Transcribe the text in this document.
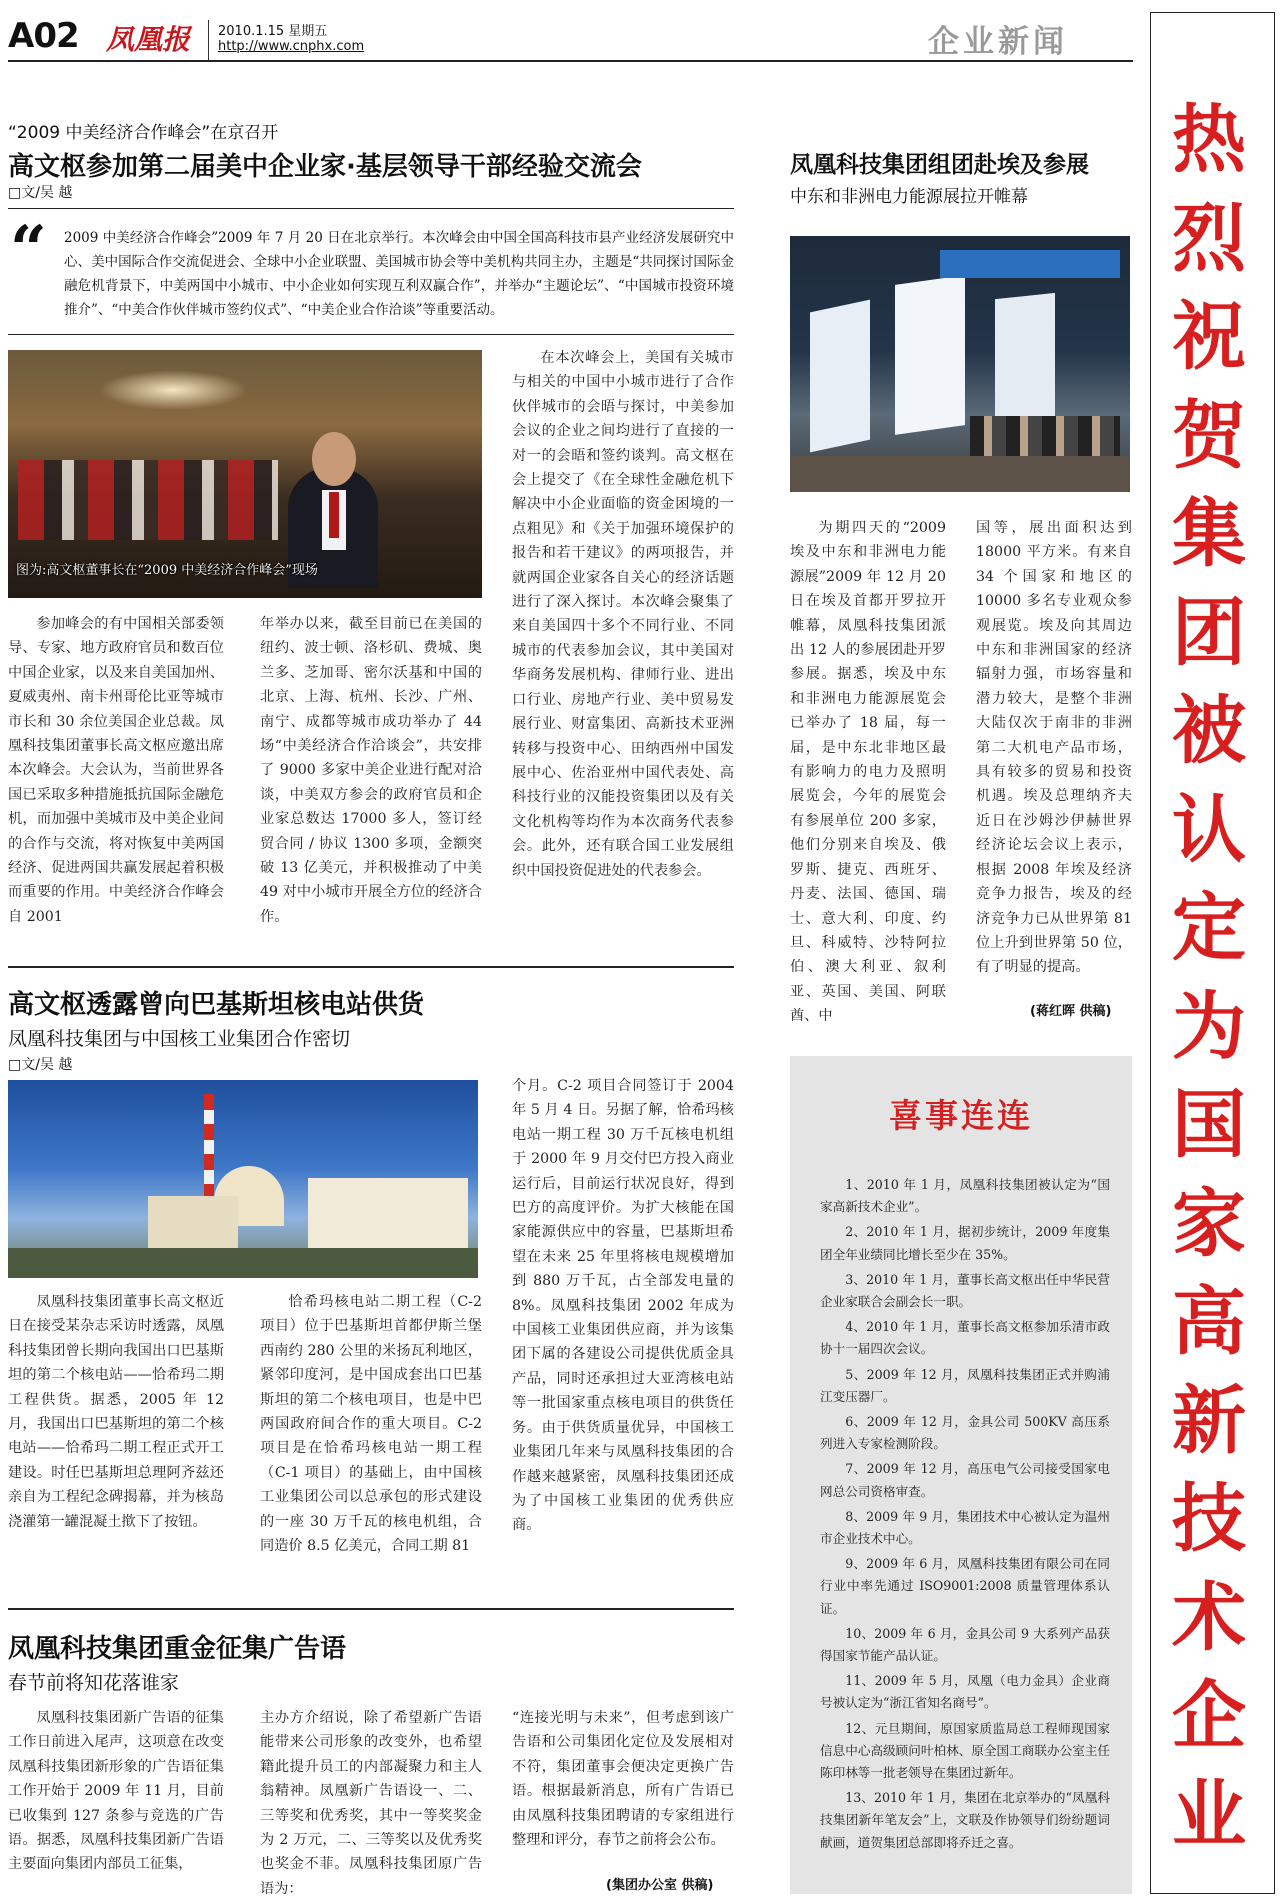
A02 凤凰报 2010.1.15 星期五
http://www.cnphx.com	企业新闻
热烈祝贺集团被认定为国家高新技术企业
“2009 中美经济合作峰会”在京召开
高文枢参加第二届美中企业家·基层领导干部经验交流会
□文/吴 越
“ 2009 中美经济合作峰会”2009 年 7 月 20 日在北京举行。本次峰会由中国全国高科技市县产业经济发展研究中心、美中国际合作交流促进会、全球中小企业联盟、美国城市协会等中美机构共同主办，主题是“共同探讨国际金融危机背景下，中美两国中小城市、中小企业如何实现互利双赢合作”，并举办“主题论坛”、“中国城市投资环境推介”、“中美合作伙伴城市签约仪式”、“中美企业合作洽谈”等重要活动。
图为:高文枢董事长在“2009 中美经济合作峰会”现场

在本次峰会上，美国有关城市与相关的中国中小城市进行了合作伙伴城市的会晤与探讨，中美参加会议的企业之间均进行了直接的一对一的会晤和签约谈判。高文枢在会上提交了《在全球性金融危机下解决中小企业面临的资金困境的一点粗见》和《关于加强环境保护的报告和若干建议》的两项报告，并就两国企业家各自关心的经济话题进行了深入探讨。本次峰会聚集了来自美国四十多个不同行业、不同城市的代表参加会议，其中美国对华商务发展机构、律师行业、进出口行业、房地产行业、美中贸易发展行业、财富集团、高新技术亚洲转移与投资中心、田纳西州中国发展中心、佐治亚州中国代表处、高科技行业的汉能投资集团以及有关文化机构等均作为本次商务代表参会。此外，还有联合国工业发展组织中国投资促进处的代表参会。

参加峰会的有中国相关部委领导、专家、地方政府官员和数百位中国企业家，以及来自美国加州、夏威夷州、南卡州哥伦比亚等城市市长和 30 余位美国企业总裁。凤凰科技集团董事长高文枢应邀出席本次峰会。大会认为，当前世界各国已采取多种措施抵抗国际金融危机，而加强中美城市及中美企业间的合作与交流，将对恢复中美两国经济、促进两国共赢发展起着积极而重要的作用。中美经济合作峰会自 2001

年举办以来，截至目前已在美国的纽约、波士顿、洛杉矶、费城、奥兰多、芝加哥、密尔沃基和中国的北京、上海、杭州、长沙、广州、南宁、成都等城市成功举办了 44 场“中美经济合作洽谈会”，共安排了 9000 多家中美企业进行配对洽谈，中美双方参会的政府官员和企业家总数达 17000 多人，签订经贸合同 / 协议 1300 多项，金额突破 13 亿美元，并积极推动了中美 49 对中小城市开展全方位的经济合作。

凤凰科技集团组团赴埃及参展
中东和非洲电力能源展拉开帷幕

为期四天的“2009 埃及中东和非洲电力能源展”2009 年 12 月 20 日在埃及首都开罗拉开帷幕，凤凰科技集团派出 12 人的参展团赴开罗参展。据悉，埃及中东和非洲电力能源展览会已举办了 18 届，每一届，是中东北非地区最有影响力的电力及照明展览会，今年的展览会有参展单位 200 多家，他们分别来自埃及、俄罗斯、捷克、西班牙、丹麦、法国、德国、瑞士、意大利、印度、约旦、科威特、沙特阿拉伯、澳大利亚、叙利亚、英国、美国、阿联酋、中

国等，展出面积达到 18000 平方米。有来自 34 个国家和地区的 10000 多名专业观众参观展览。埃及向其周边中东和非洲国家的经济辐射力强，市场容量和潜力较大，是整个非洲大陆仅次于南非的非洲第二大机电产品市场，具有较多的贸易和投资机遇。埃及总理纳齐夫近日在沙姆沙伊赫世界经济论坛会议上表示，根据 2008 年埃及经济竞争力报告，埃及的经济竞争力已从世界第 81 位上升到世界第 50 位，有了明显的提高。

(蒋红晖 供稿)
高文枢透露曾向巴基斯坦核电站供货
凤凰科技集团与中国核工业集团合作密切
□文/吴 越

凤凰科技集团董事长高文枢近日在接受某杂志采访时透露，凤凰科技集团曾长期向我国出口巴基斯坦的第二个核电站——恰希玛二期工程供货。据悉，2005 年 12 月，我国出口巴基斯坦的第二个核电站——恰希玛二期工程正式开工建设。时任巴基斯坦总理阿齐兹还亲自为工程纪念碑揭幕，并为核岛浇灌第一罐混凝土揿下了按钮。

恰希玛核电站二期工程（C-2 项目）位于巴基斯坦首都伊斯兰堡西南约 280 公里的米扬瓦利地区，紧邻印度河，是中国成套出口巴基斯坦的第二个核电项目，也是中巴两国政府间合作的重大项目。C-2 项目是在恰希玛核电站一期工程（C-1 项目）的基础上，由中国核工业集团公司以总承包的形式建设的一座 30 万千瓦的核电机组，合同造价 8.5 亿美元，合同工期 81

个月。C-2 项目合同签订于 2004 年 5 月 4 日。另据了解，恰希玛核电站一期工程 30 万千瓦核电机组于 2000 年 9 月交付巴方投入商业运行后，目前运行状况良好，得到巴方的高度评价。为扩大核能在国家能源供应中的容量，巴基斯坦希望在未来 25 年里将核电规模增加到 880 万千瓦，占全部发电量的 8%。凤凰科技集团 2002 年成为中国核工业集团供应商，并为该集团下属的各建设公司提供优质金具产品，同时还承担过大亚湾核电站等一批国家重点核电项目的供货任务。由于供货质量优异，中国核工业集团几年来与凤凰科技集团的合作越来越紧密，凤凰科技集团还成为了中国核工业集团的优秀供应商。

凤凰科技集团重金征集广告语
春节前将知花落谁家

凤凰科技集团新广告语的征集工作日前进入尾声，这项意在改变凤凰科技集团新形象的广告语征集工作开始于 2009 年 11 月，目前已收集到 127 条参与竞选的广告语。据悉，凤凰科技集团新广告语主要面向集团内部员工征集，

主办方介绍说，除了希望新广告语能带来公司形象的改变外，也希望籍此提升员工的内部凝聚力和主人翁精神。凤凰新广告语设一、二、三等奖和优秀奖，其中一等奖奖金为 2 万元，二、三等奖以及优秀奖也奖金不菲。凤凰科技集团原广告语为：

“连接光明与未来”，但考虑到该广告语和公司集团化定位及发展相对不符，集团董事会便决定更换广告语。根据最新消息，所有广告语已由凤凰科技集团聘请的专家组进行整理和评分，春节之前将会公布。

(集团办公室 供稿)
喜事连连
1、2010 年 1 月，凤凰科技集团被认定为“国家高新技术企业”。
2、2010 年 1 月，据初步统计，2009 年度集团全年业绩同比增长至少在 35%。
3、2010 年 1 月，董事长高文枢出任中华民营企业家联合会副会长一职。
4、2010 年 1 月，董事长高文枢参加乐清市政协十一届四次会议。
5、2009 年 12 月，凤凰科技集团正式并购浦江变压器厂。
6、2009 年 12 月，金具公司 500KV 高压系列进入专家检测阶段。
7、2009 年 12 月，高压电气公司接受国家电网总公司资格审查。
8、2009 年 9 月，集团技术中心被认定为温州市企业技术中心。
9、2009 年 6 月，凤凰科技集团有限公司在同行业中率先通过 ISO9001:2008 质量管理体系认证。
10、2009 年 6 月，金具公司 9 大系列产品获得国家节能产品认证。
11、2009 年 5 月，凤凰（电力金具）企业商号被认定为“浙江省知名商号”。
12、元旦期间，原国家质监局总工程师现国家信息中心高级顾问叶柏林、原全国工商联办公室主任陈印林等一批老领导在集团过新年。
13、2010 年 1 月，集团在北京举办的“凤凰科技集团新年笔友会”上，文联及作协领导们纷纷题词献画，道贺集团总部即将乔迁之喜。
